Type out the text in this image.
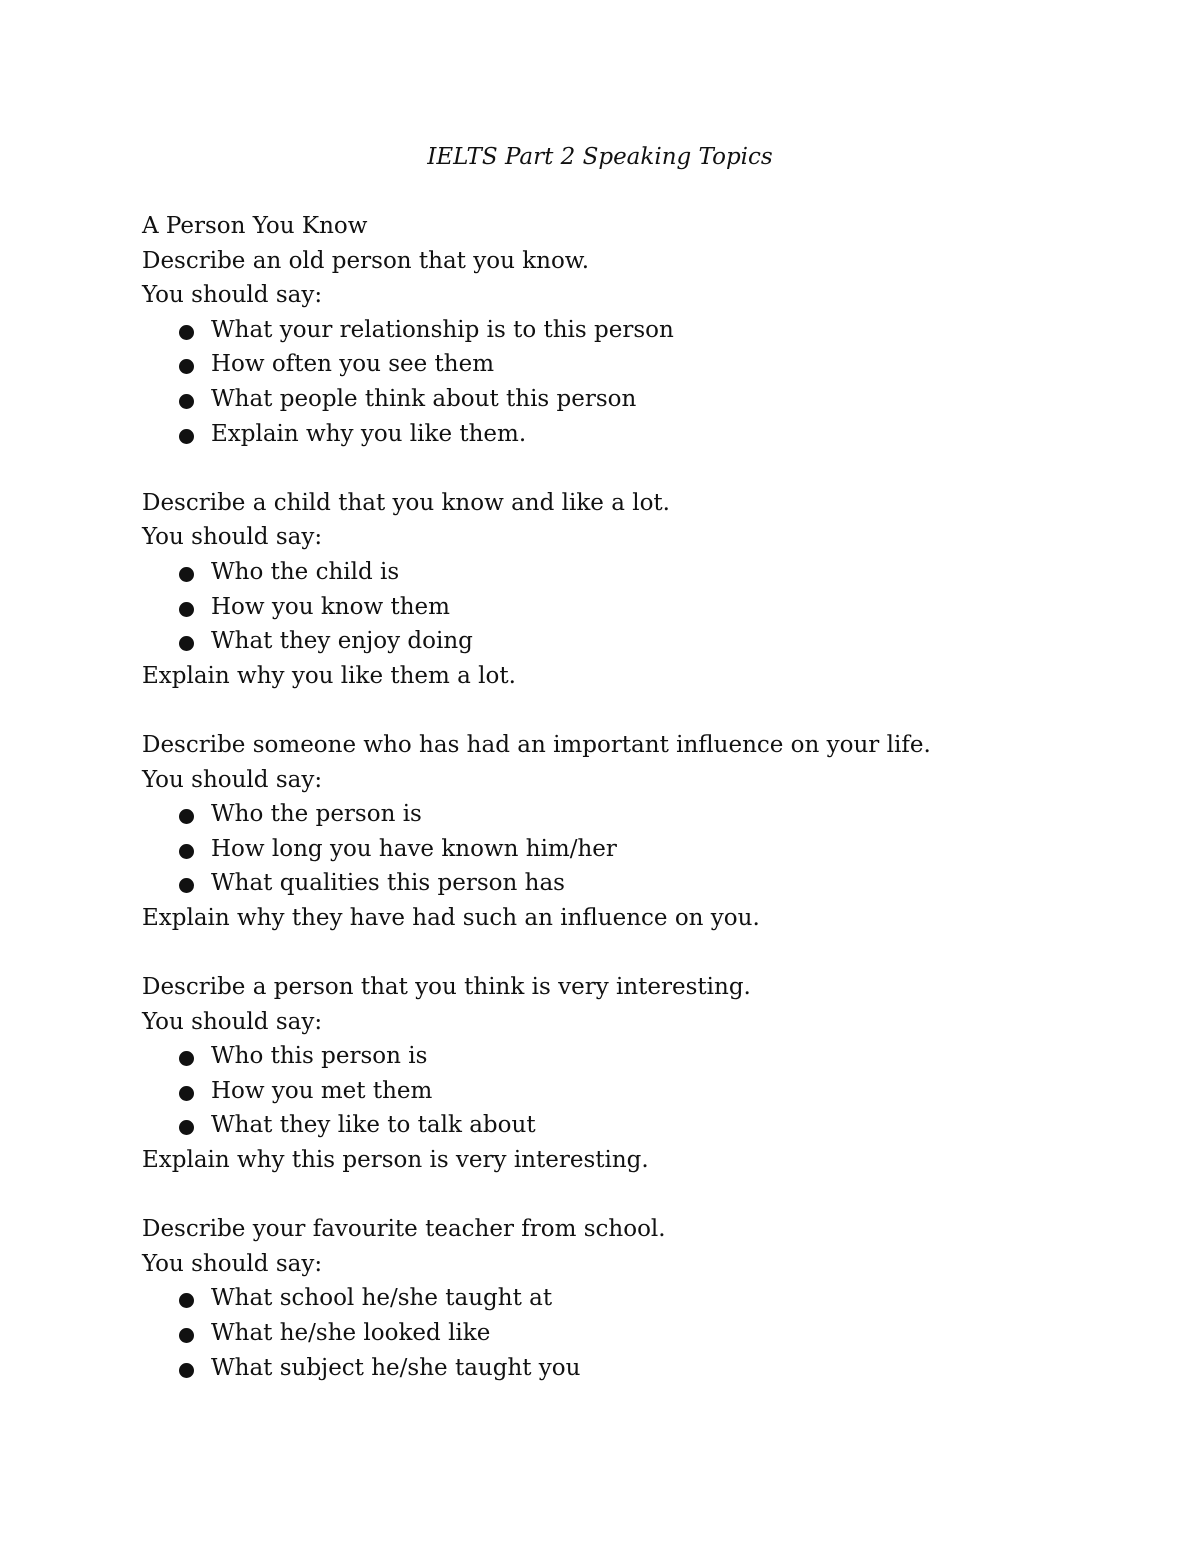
IELTS Part 2 Speaking Topics
A Person You Know
Describe an old person that you know.
You should say:
What your relationship is to this person
How often you see them
What people think about this person
Explain why you like them.
Describe a child that you know and like a lot.
You should say:
Who the child is
How you know them
What they enjoy doing
Explain why you like them a lot.
Describe someone who has had an important influence on your life.
You should say:
Who the person is
How long you have known him/her
What qualities this person has
Explain why they have had such an influence on you.
Describe a person that you think is very interesting.
You should say:
Who this person is
How you met them
What they like to talk about
Explain why this person is very interesting.
Describe your favourite teacher from school.
You should say:
What school he/she taught at
What he/she looked like
What subject he/she taught you
